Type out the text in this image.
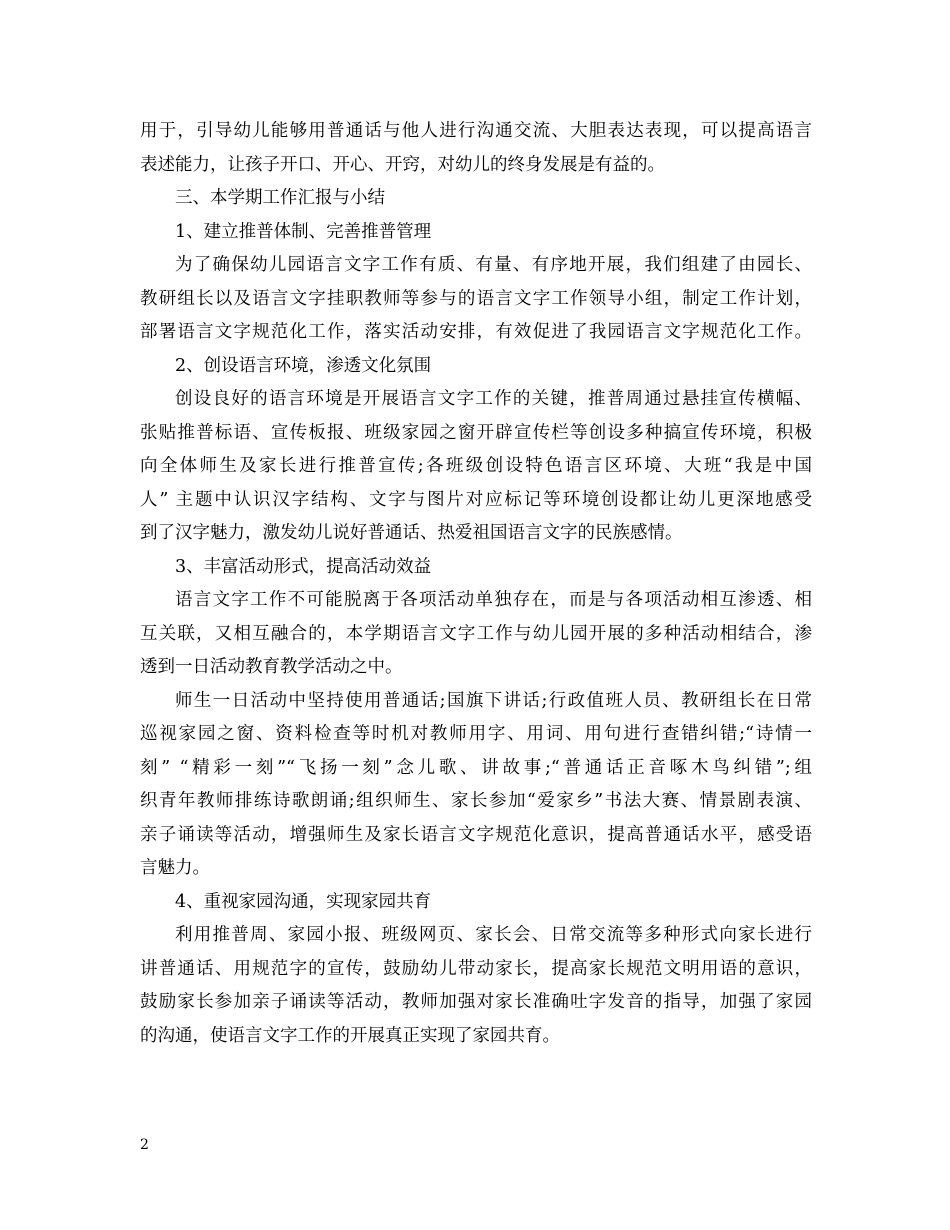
用于，引导幼儿能够用普通话与他人进行沟通交流、大胆表达表现，可以提高语言
表述能力，让孩子开口、开心、开窍，对幼儿的终身发展是有益的。
三、本学期工作汇报与小结
1、建立推普体制、完善推普管理
为了确保幼儿园语言文字工作有质、有量、有序地开展，我们组建了由园长、
教研组长以及语言文字挂职教师等参与的语言文字工作领导小组，制定工作计划，
部署语言文字规范化工作，落实活动安排，有效促进了我园语言文字规范化工作。
2、创设语言环境，渗透文化氛围
创设良好的语言环境是开展语言文字工作的关键，推普周通过悬挂宣传横幅、
张贴推普标语、宣传板报、班级家园之窗开辟宣传栏等创设多种搞宣传环境，积极
向全体师生及家长进行推普宣传;各班级创设特色语言区环境、大班“我是中国
人” 主题中认识汉字结构、文字与图片对应标记等环境创设都让幼儿更深地感受
到了汉字魅力，激发幼儿说好普通话、热爱祖国语言文字的民族感情。
3、丰富活动形式，提高活动效益
语言文字工作不可能脱离于各项活动单独存在，而是与各项活动相互渗透、相
互关联，又相互融合的，本学期语言文字工作与幼儿园开展的多种活动相结合，渗
透到一日活动教育教学活动之中。
师生一日活动中坚持使用普通话;国旗下讲话;行政值班人员、教研组长在日常
巡视家园之窗、资料检查等时机对教师用字、用词、用句进行查错纠错;“诗情一
刻” “精彩一刻”“飞扬一刻”念儿歌、讲故事;“普通话正音啄木鸟纠错”;组
织青年教师排练诗歌朗诵;组织师生、家长参加“爱家乡”书法大赛、情景剧表演、
亲子诵读等活动，增强师生及家长语言文字规范化意识，提高普通话水平，感受语
言魅力。
4、重视家园沟通，实现家园共育
利用推普周、家园小报、班级网页、家长会、日常交流等多种形式向家长进行
讲普通话、用规范字的宣传，鼓励幼儿带动家长，提高家长规范文明用语的意识，
鼓励家长参加亲子诵读等活动，教师加强对家长准确吐字发音的指导，加强了家园
的沟通，使语言文字工作的开展真正实现了家园共育。
2
